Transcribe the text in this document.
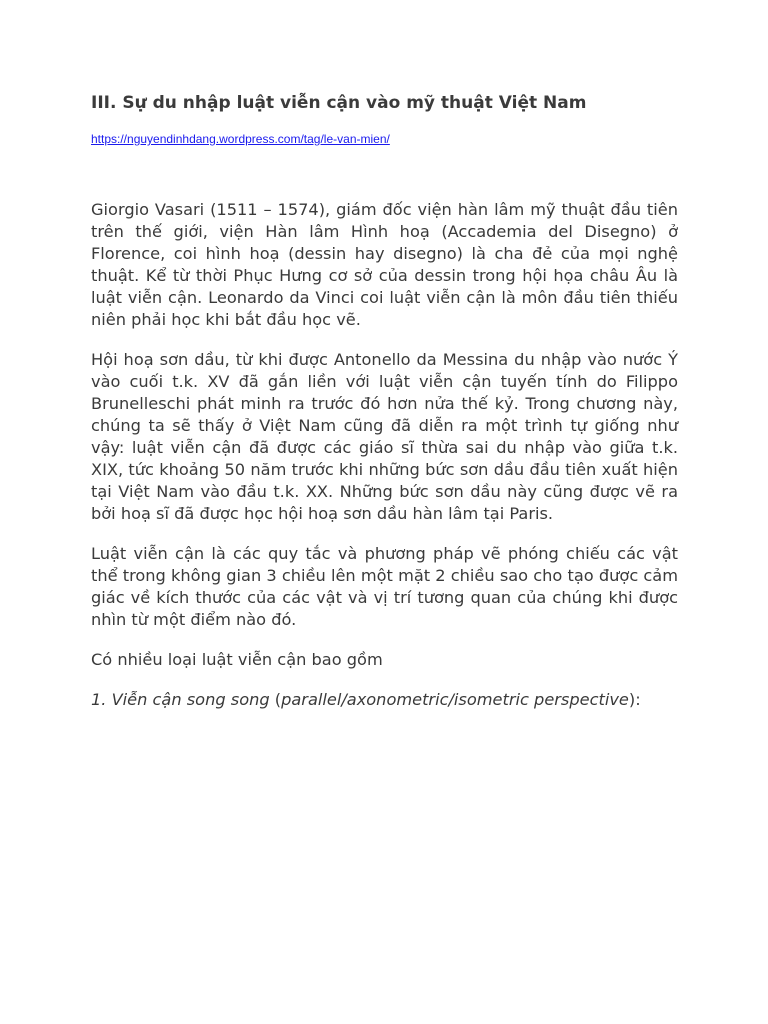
III. Sự du nhập luật viễn cận vào mỹ thuật Việt Nam
https://nguyendinhdang.wordpress.com/tag/le-van-mien/

Giorgio Vasari (1511 – 1574), giám đốc viện hàn lâm mỹ thuật đầu tiên trên thế giới, viện Hàn lâm Hình hoạ (Accademia del Disegno) ở Florence, coi hình hoạ (dessin hay disegno) là cha đẻ của mọi nghệ thuật. Kể từ thời Phục Hưng cơ sở của dessin trong hội họa châu Âu là luật viễn cận. Leonardo da Vinci coi luật viễn cận là môn đầu tiên thiếu niên phải học khi bắt đầu học vẽ.

Hội hoạ sơn dầu, từ khi được Antonello da Messina du nhập vào nước Ý vào cuối t.k. XV đã gắn liền với luật viễn cận tuyến tính do Filippo Brunelleschi phát minh ra trước đó hơn nửa thế kỷ. Trong chương này, chúng ta sẽ thấy ở Việt Nam cũng đã diễn ra một trình tự giống như vậy: luật viễn cận đã được các giáo sĩ thừa sai du nhập vào giữa t.k. XIX, tức khoảng 50 năm trước khi những bức sơn dầu đầu tiên xuất hiện tại Việt Nam vào đầu t.k. XX. Những bức sơn dầu này cũng được vẽ ra bởi hoạ sĩ đã được học hội hoạ sơn dầu hàn lâm tại Paris.

Luật viễn cận là các quy tắc và phương pháp vẽ phóng chiếu các vật thể trong không gian 3 chiều lên một mặt 2 chiều sao cho tạo được cảm giác về kích thước của các vật và vị trí tương quan của chúng khi được nhìn từ một điểm nào đó.

Có nhiều loại luật viễn cận bao gồm

1. Viễn cận song song (parallel/axonometric/isometric perspective):
